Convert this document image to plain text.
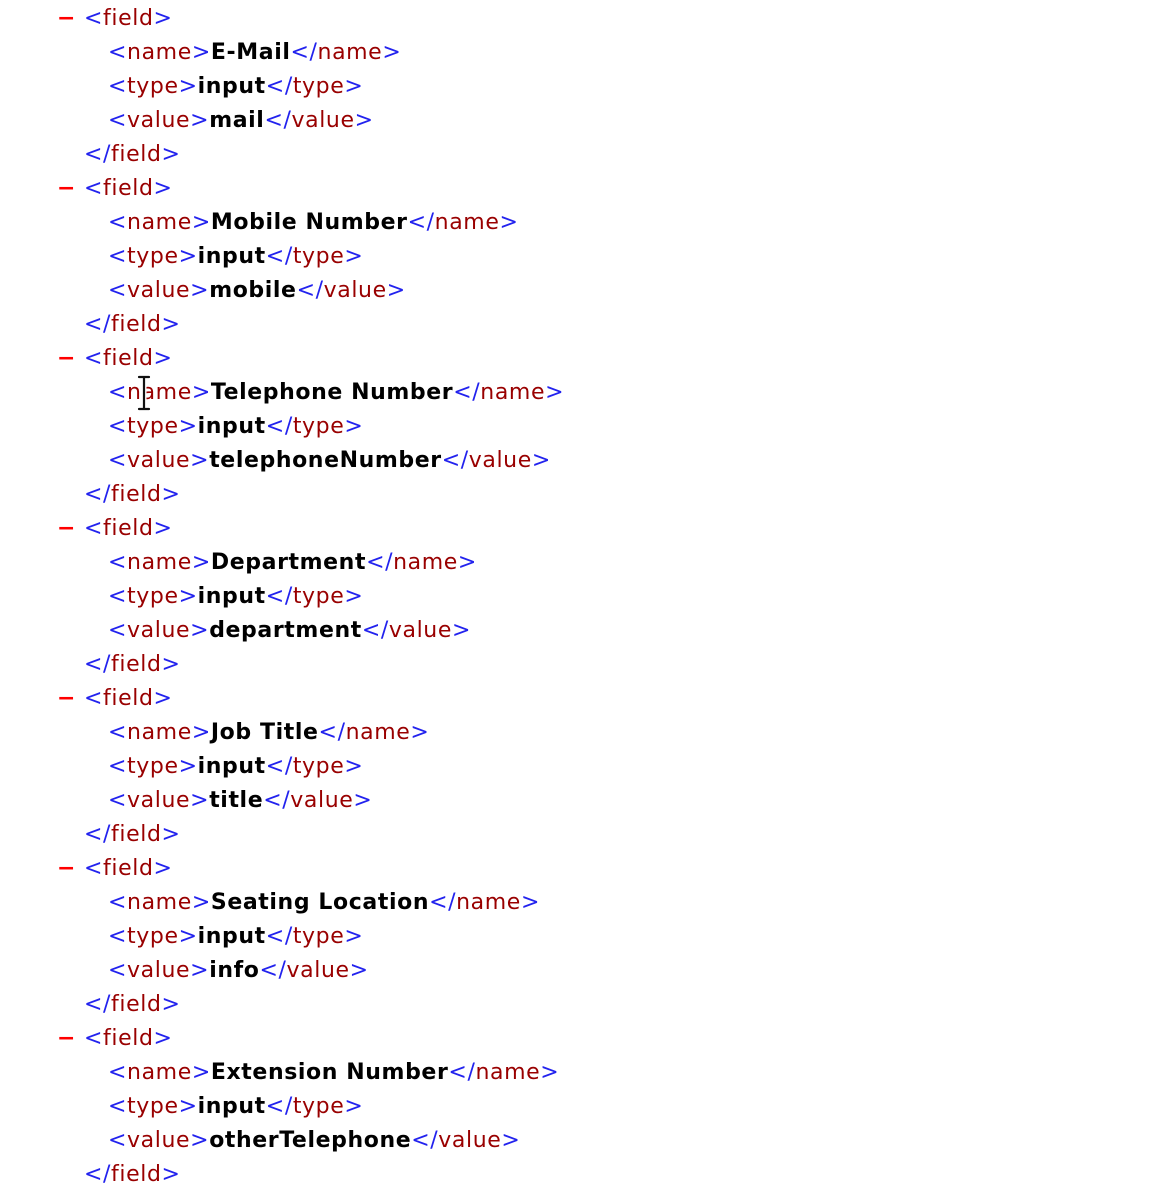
− <field>
<name>E-Mail</name>
<type>input</type>
<value>mail</value>
</field>
− <field>
<name>Mobile Number</name>
<type>input</type>
<value>mobile</value>
</field>
− <field>
<name>Telephone Number</name>
<type>input</type>
<value>telephoneNumber</value>
</field>
− <field>
<name>Department</name>
<type>input</type>
<value>department</value>
</field>
− <field>
<name>Job Title</name>
<type>input</type>
<value>title</value>
</field>
− <field>
<name>Seating Location</name>
<type>input</type>
<value>info</value>
</field>
− <field>
<name>Extension Number</name>
<type>input</type>
<value>otherTelephone</value>
</field>
